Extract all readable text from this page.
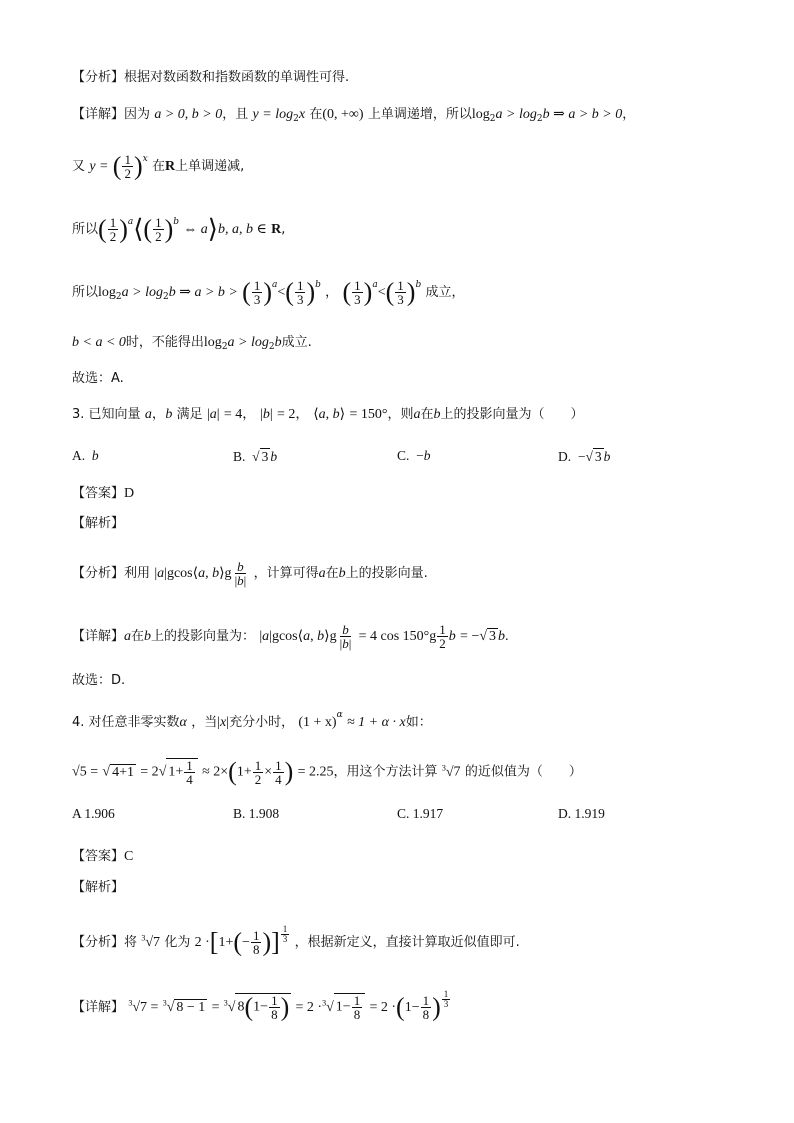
【分析】根据对数函数和指数函数的单调性可得.
【详解】因为 a > 0, b > 0，且 $y = \log_2x$ 在(0, +∞) 上单调递增，所以$\log_2a > \log_2b$ ⇒ a > b > 0，
又 y = ( $\frac{1}{2} )^x$ 在R上单调递减,
所以( $\frac{1}{2}$ )$^a$⟨( $\frac{1}{2} )^b$ ⇔ a⟩b, a, b ∈ R,
所以$\log_2a > \log_2b$ ⇒ a > b > ( $\frac{1}{3} )^a<( \frac{1}{3} )^b$ ， ( $\frac{1}{3} )^a<( \frac{1}{3} )^b$ 成立，
b < a < 0时，不能得出$\log_2a > \log_2b$成立.
故选：A.
3. 已知向量 a，b 满足 |a| = 4， |b| = 2， ⟨a, b⟩ = 150°，则a在b上的投影向量为（　　）
A. b	B.  √ 3 b	C.  −b	D.  −√ 3 b
【答案】D
【解析】
【分析】利用 |a|gcos⟨a, b⟩g $\frac{b}{|b|}$ ，计算可得a在b上的投影向量.
【详解】a在b上的投影向量为： |a|gcos⟨a, b⟩g $\frac{b}{|b|} = 4$ $\cos 150^\circ g \frac{1}{2}$ b = −√ 3 b.
故选：D.
4. 对任意非零实数α ，当|x|充分小时， $(1 + x)^\alpha \approx 1 + \alpha \cdot x$如：
√5 = √ 4+1 = 2√ $1+ \frac{1}{4} \approx 2\times(1+ \frac{1}{2} \times \frac{1}{4}$ ) = 2.25，用这个方法计算 $^3$√7 的近似值为（　　）
A 1.906	B. 1.908	C. 1.917	D. 1.919
【答案】C
【解析】
【分析】将 $^3$√7 化为 $2 \cdot[1+(- \frac{1}{8}$ )] $\frac{1}{3}$ ，根据新定义，直接计算取近似值即可.
【详解】 $^3$√7 = $^3$√ 8 − 1 = $^3$√ $8(1- \frac{1}{8}$ ) = 2 ·$^3$√ $1- \frac{1}{8} = 2 \cdot(1- \frac{1}{8}$ ) $\frac{1}{3}$
